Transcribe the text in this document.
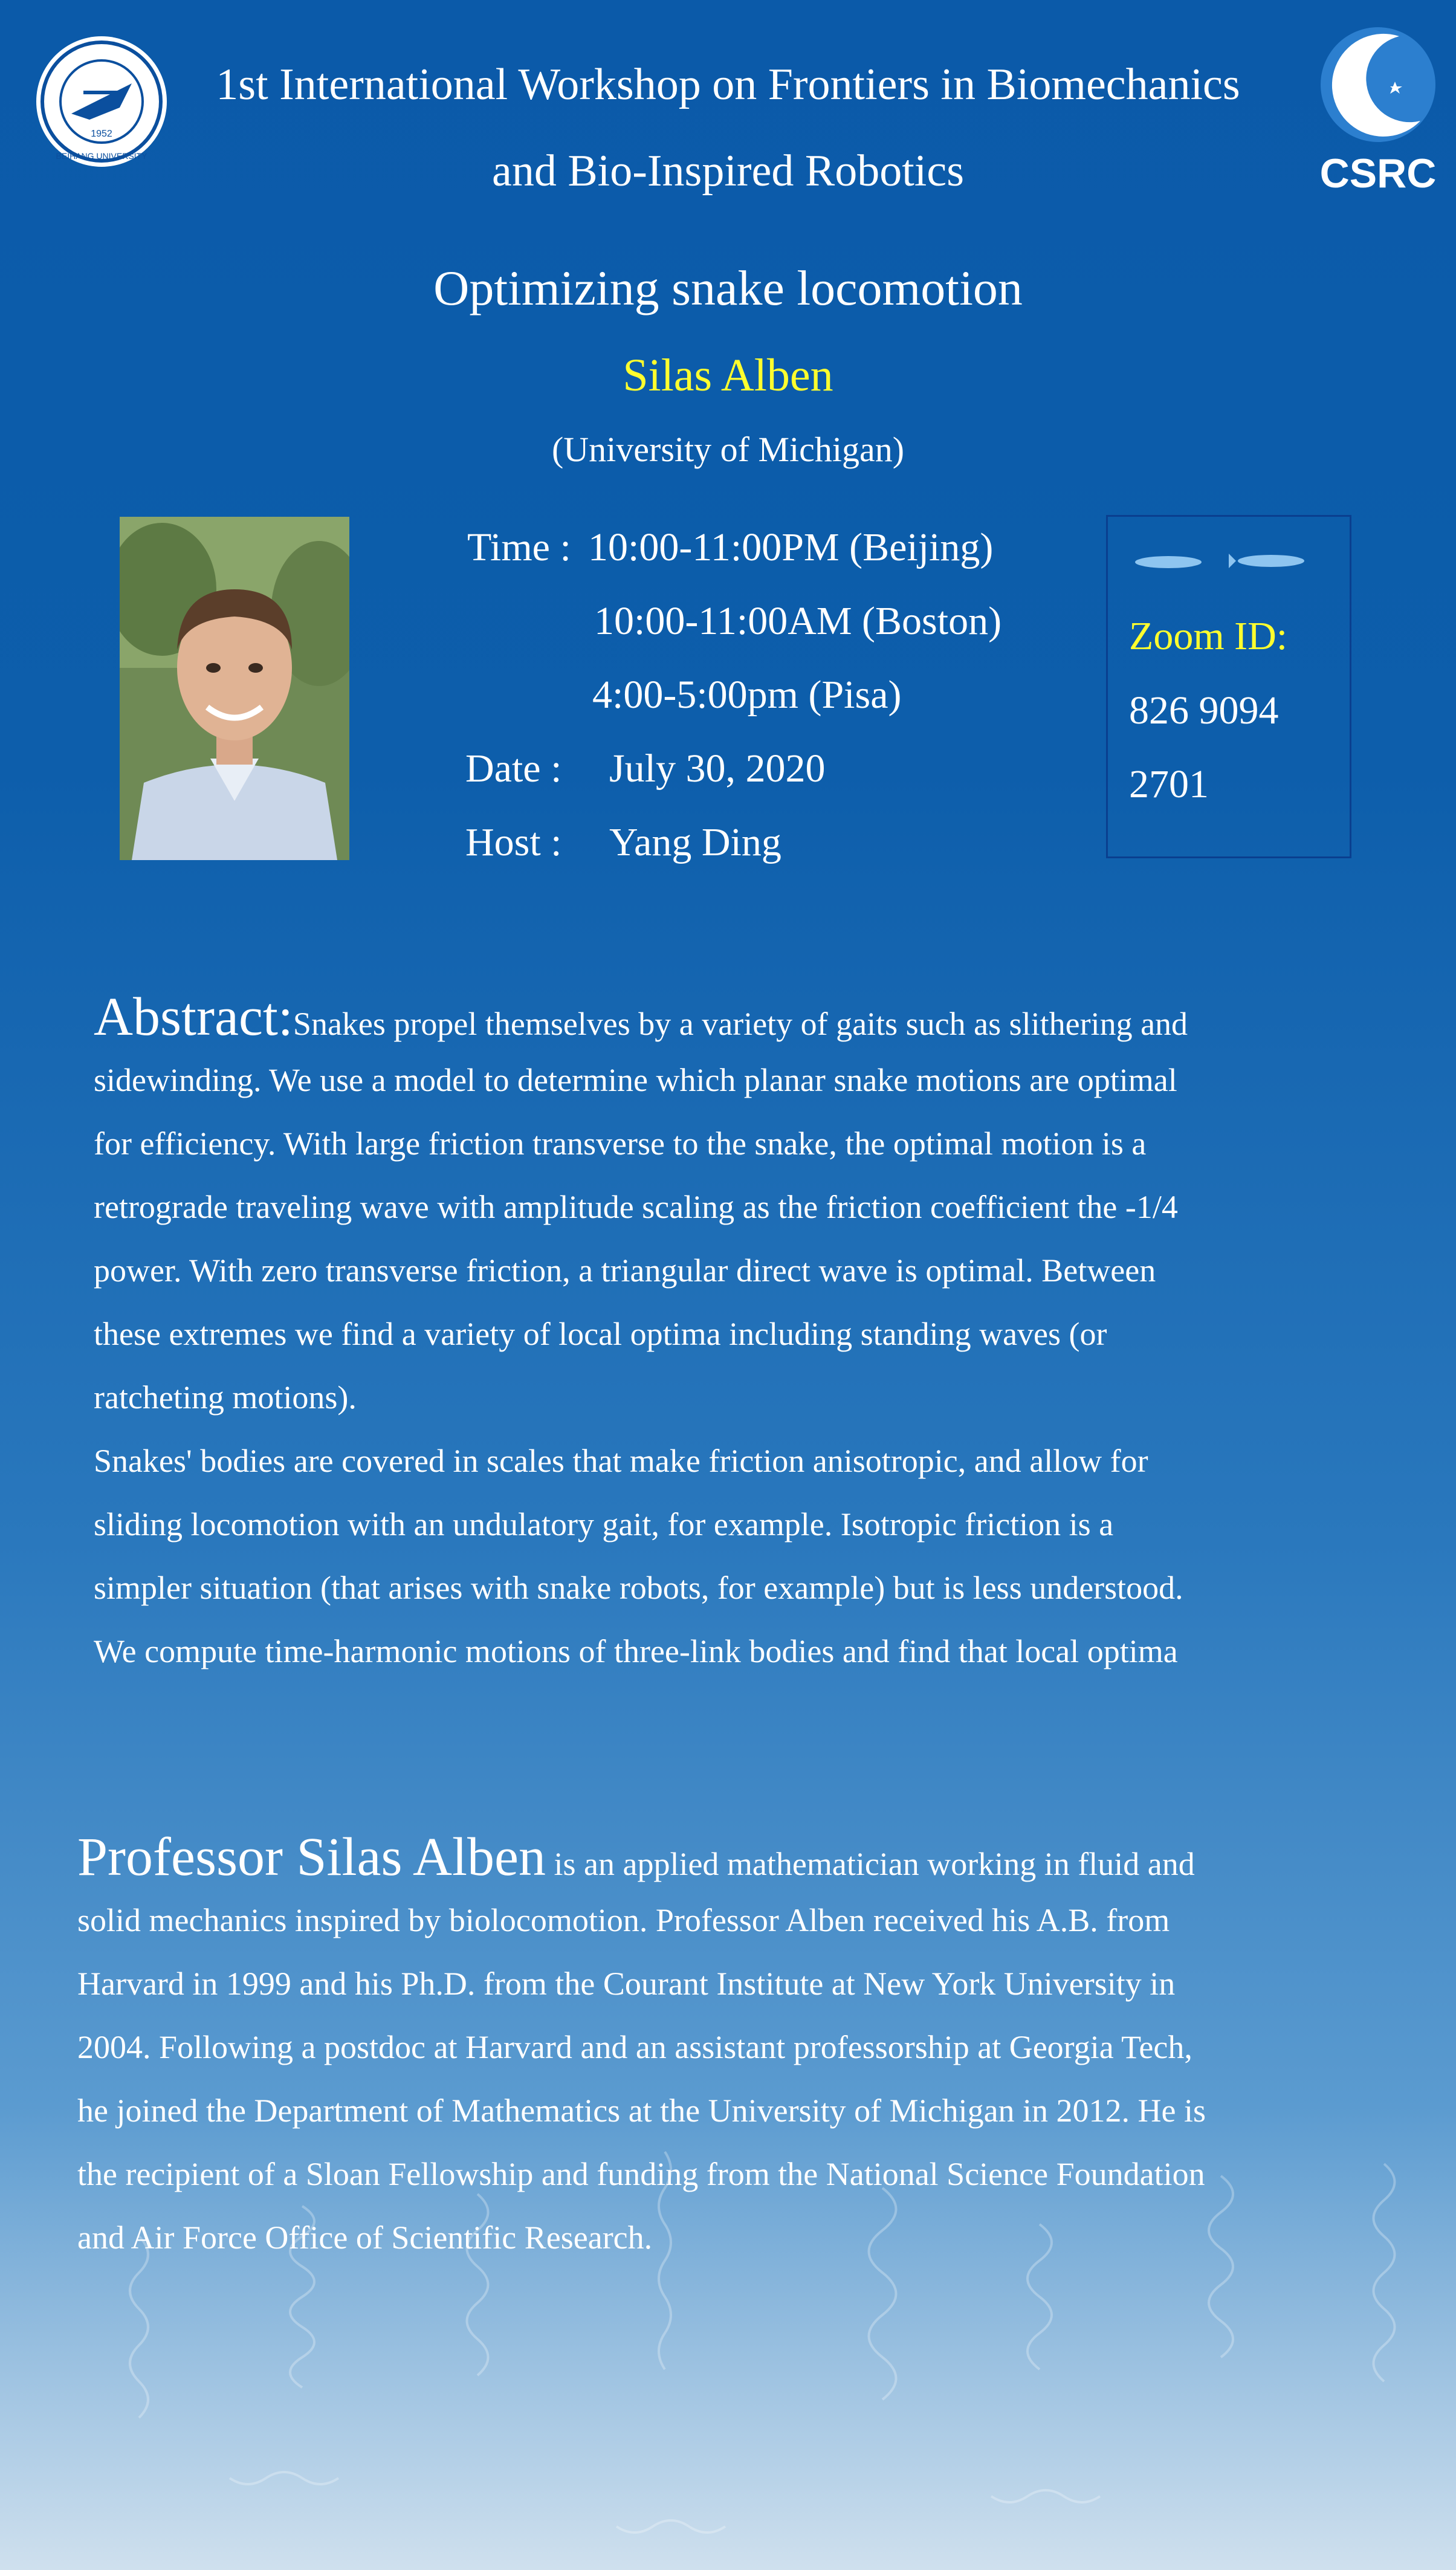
1952
BEIHANG UNIVERSITY	CSRC
1st International Workshop on Frontiers in Biomechanics
and Bio-Inspired Robotics
Optimizing snake locomotion
Silas Alben
(University of Michigan)
Time : 10:00-11:00PM (Beijing)
10:00-11:00AM (Boston)
4:00-5:00pm (Pisa)
Date : July 30, 2020
Host : Yang Ding
Zoom ID:
826 9094
2701
Abstract:Snakes propel themselves by a variety of gaits such as slithering and
sidewinding. We use a model to determine which planar snake motions are optimal
for efficiency. With large friction transverse to the snake, the optimal motion is a
retrograde traveling wave with amplitude scaling as the friction coefficient the -1/4
power. With zero transverse friction, a triangular direct wave is optimal. Between
these extremes we find a variety of local optima including standing waves (or
ratcheting motions).
Snakes' bodies are covered in scales that make friction anisotropic, and allow for
sliding locomotion with an undulatory gait, for example. Isotropic friction is a
simpler situation (that arises with snake robots, for example) but is less understood.
We compute time-harmonic motions of three-link bodies and find that local optima
Professor Silas Alben is an applied mathematician working in fluid and
solid mechanics inspired by biolocomotion. Professor Alben received his A.B. from
Harvard in 1999 and his Ph.D. from the Courant Institute at New York University in
2004. Following a postdoc at Harvard and an assistant professorship at Georgia Tech,
he joined the Department of Mathematics at the University of Michigan in 2012. He is
the recipient of a Sloan Fellowship and funding from the National Science Foundation
and Air Force Office of Scientific Research.
